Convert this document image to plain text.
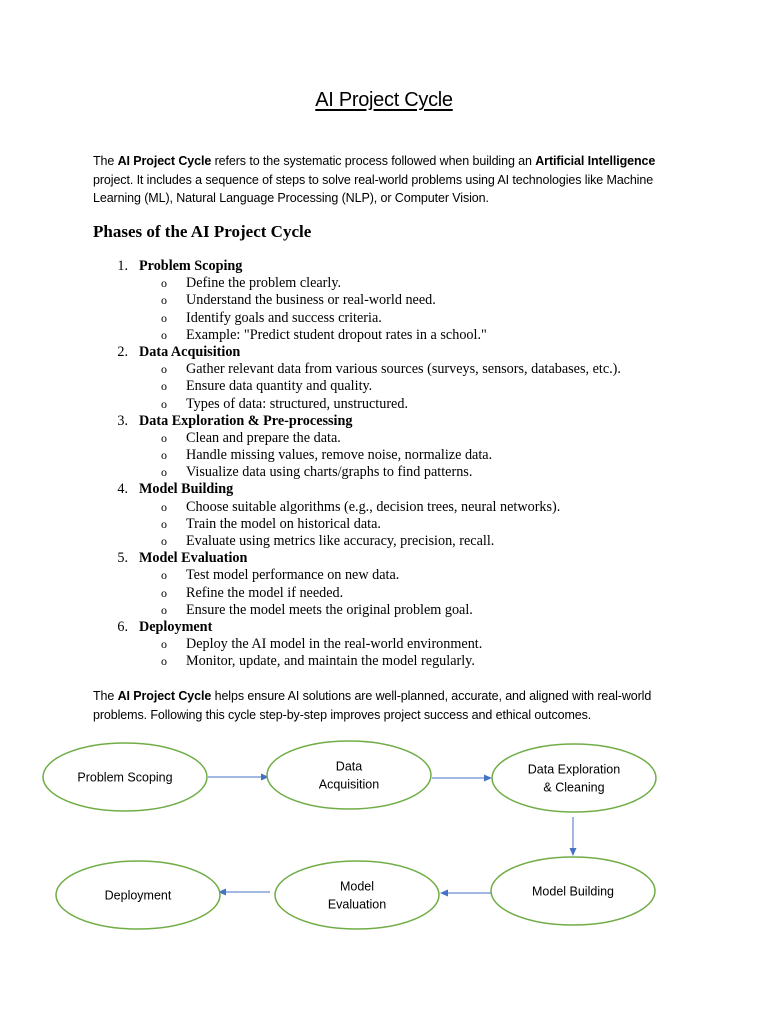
AI Project Cycle

The AI Project Cycle refers to the systematic process followed when building an Artificial Intelligence project. It includes a sequence of steps to solve real-world problems using AI technologies like Machine Learning (ML), Natural Language Processing (NLP), or Computer Vision.

Phases of the AI Project Cycle
1. Problem Scoping
o Define the problem clearly.
o Understand the business or real-world need.
o Identify goals and success criteria.
o Example: "Predict student dropout rates in a school."
2. Data Acquisition
o Gather relevant data from various sources (surveys, sensors, databases, etc.).
o Ensure data quantity and quality.
o Types of data: structured, unstructured.
3. Data Exploration & Pre-processing
o Clean and prepare the data.
o Handle missing values, remove noise, normalize data.
o Visualize data using charts/graphs to find patterns.
4. Model Building
o Choose suitable algorithms (e.g., decision trees, neural networks).
o Train the model on historical data.
o Evaluate using metrics like accuracy, precision, recall.
5. Model Evaluation
o Test model performance on new data.
o Refine the model if needed.
o Ensure the model meets the original problem goal.
6. Deployment
o Deploy the AI model in the real-world environment.
o Monitor, update, and maintain the model regularly.

The AI Project Cycle helps ensure AI solutions are well-planned, accurate, and aligned with real-world problems. Following this cycle step-by-step improves project success and ethical outcomes.

Problem Scoping
Data
Acquisition
Data Exploration
& Cleaning
Model Building
Model
Evaluation
Deployment
